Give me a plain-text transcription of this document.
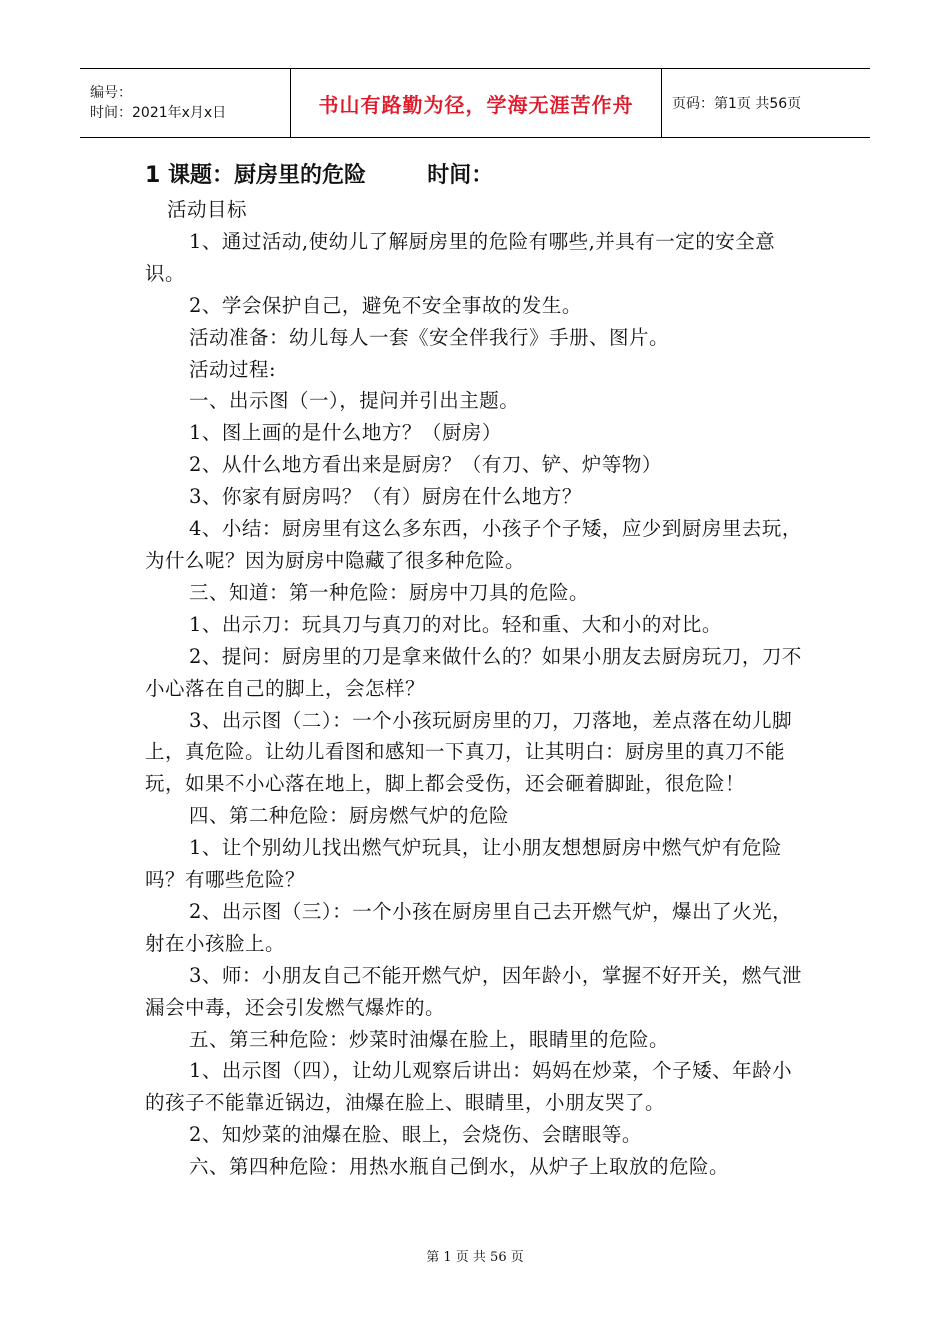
编号：
时间：2021年x月x日	书山有路勤为径，学海无涯苦作舟	页码：第1页 共56页
1 课题：厨房里的危险        时间：

活动目标

1、通过活动,使幼儿了解厨房里的危险有哪些,并具有一定的安全意识。

2、学会保护自己，避免不安全事故的发生。

活动准备：幼儿每人一套《安全伴我行》手册、图片。

活动过程:

一、出示图（一），提问并引出主题。

1、图上画的是什么地方？（厨房）

2、从什么地方看出来是厨房？（有刀、铲、炉等物）

3、你家有厨房吗？（有）厨房在什么地方？

4、小结：厨房里有这么多东西，小孩子个子矮，应少到厨房里去玩，为什么呢？因为厨房中隐藏了很多种危险。

三、知道：第一种危险：厨房中刀具的危险。

1、出示刀：玩具刀与真刀的对比。轻和重、大和小的对比。

2、提问：厨房里的刀是拿来做什么的？如果小朋友去厨房玩刀，刀不小心落在自己的脚上，会怎样？

3、出示图（二）：一个小孩玩厨房里的刀，刀落地，差点落在幼儿脚上，真危险。让幼儿看图和感知一下真刀，让其明白：厨房里的真刀不能玩，如果不小心落在地上，脚上都会受伤，还会砸着脚趾，很危险！

四、第二种危险：厨房燃气炉的危险

1、让个别幼儿找出燃气炉玩具，让小朋友想想厨房中燃气炉有危险吗？有哪些危险？

2、出示图（三）：一个小孩在厨房里自己去开燃气炉，爆出了火光，射在小孩脸上。

3、师：小朋友自己不能开燃气炉，因年龄小，掌握不好开关，燃气泄漏会中毒，还会引发燃气爆炸的。

五、第三种危险：炒菜时油爆在脸上，眼睛里的危险。

1、出示图（四），让幼儿观察后讲出：妈妈在炒菜，个子矮、年龄小的孩子不能靠近锅边，油爆在脸上、眼睛里，小朋友哭了。

2、知炒菜的油爆在脸、眼上，会烧伤、会瞎眼等。

六、第四种危险：用热水瓶自己倒水，从炉子上取放的危险。

第 1 页 共 56 页
